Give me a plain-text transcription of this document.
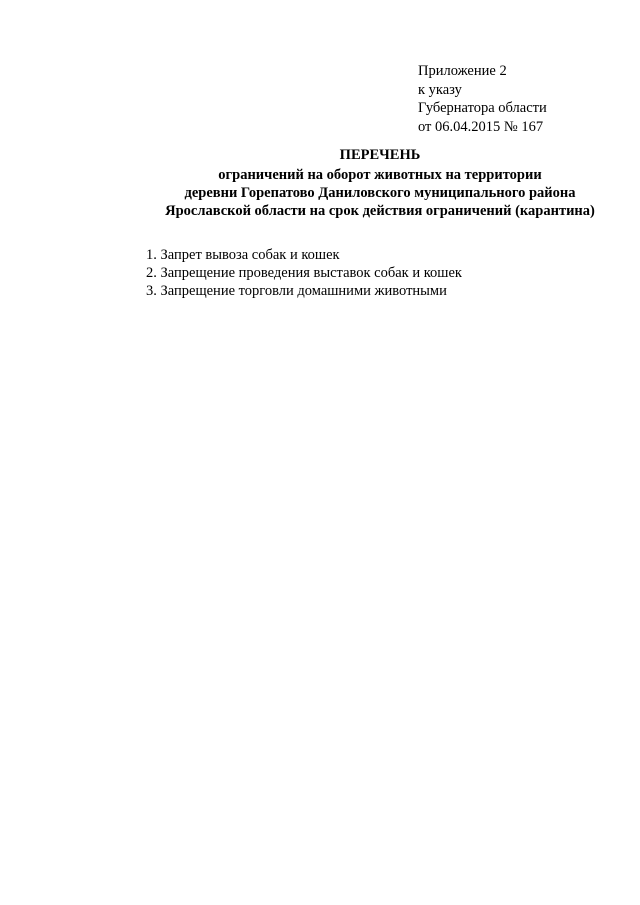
Приложение 2
к указу
Губернатора области
от 06.04.2015 № 167
ПЕРЕЧЕНЬ
ограничений на оборот животных на территории
деревни Горепатово Даниловского муниципального района
Ярославской области на срок действия ограничений (карантина)
1. Запрет вывоза собак и кошек
2. Запрещение проведения выставок собак и кошек
3. Запрещение торговли домашними животными
